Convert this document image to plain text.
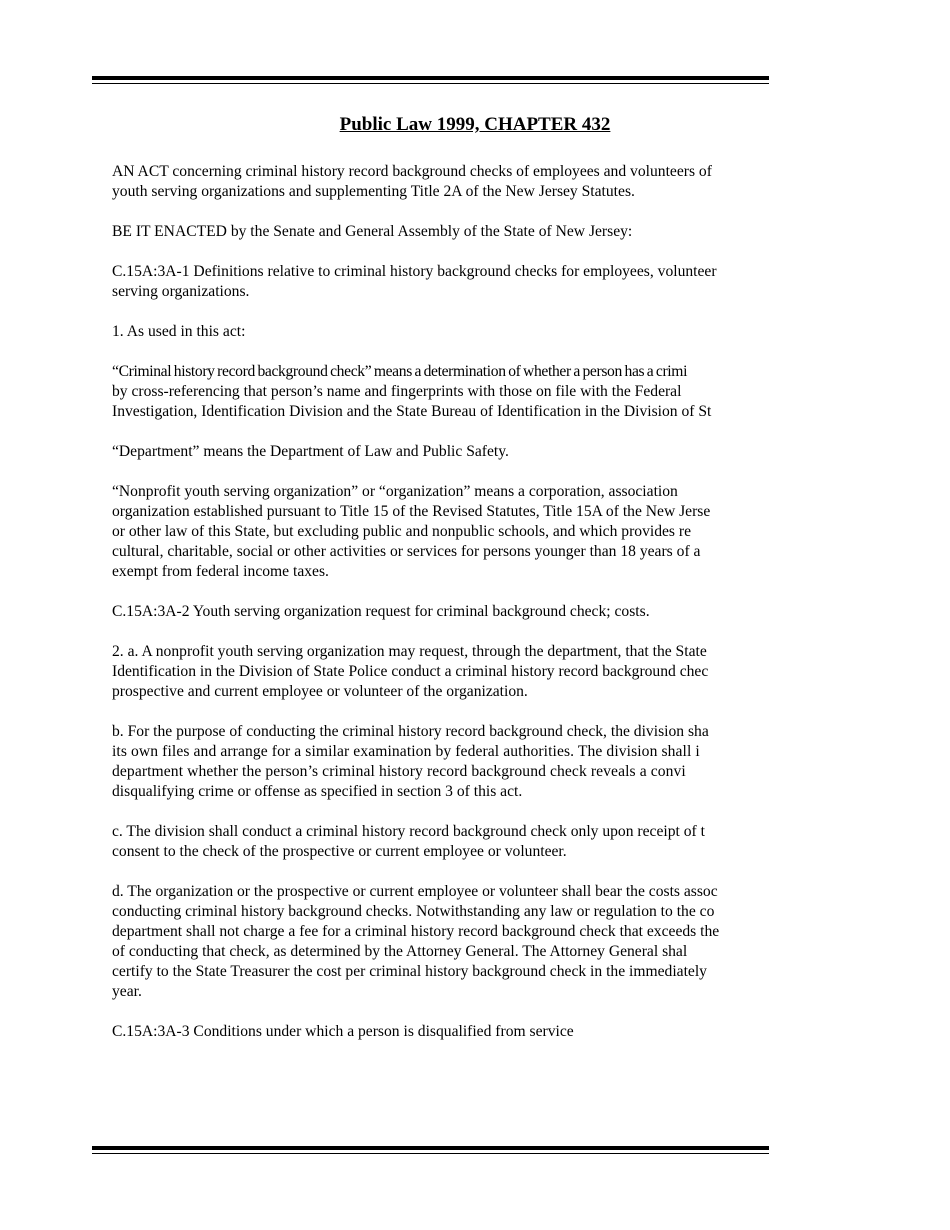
Public Law 1999, CHAPTER 432
AN ACT concerning criminal history record background checks of employees and volunteers of
youth serving organizations and supplementing Title 2A of the New Jersey Statutes.
BE IT ENACTED by the Senate and General Assembly of the State of New Jersey:
C.15A:3A-1 Definitions relative to criminal history background checks for employees, volunteer
serving organizations.
1. As used in this act:
“Criminal history record background check” means a determination of whether a person has a crimi
by cross-referencing that person’s name and fingerprints with those on file with the Federal
Investigation, Identification Division and the State Bureau of Identification in the Division of St
“Department” means the Department of Law and Public Safety.
“Nonprofit youth serving organization” or “organization” means a corporation, association
organization established pursuant to Title 15 of the Revised Statutes, Title 15A of the New Jerse
or other law of this State, but excluding public and nonpublic schools, and which provides re
cultural, charitable, social or other activities or services for persons younger than 18 years of a
exempt from federal income taxes.
C.15A:3A-2 Youth serving organization request for criminal background check; costs.
2. a. A nonprofit youth serving organization may request, through the department, that the State
Identification in the Division of State Police conduct a criminal history record background chec
prospective and current employee or volunteer of the organization.
b. For the purpose of conducting the criminal history record background check, the division sha
its own files and arrange for a similar examination by federal authorities. The division shall i
department whether the person’s criminal history record background check reveals a convi
disqualifying crime or offense as specified in section 3 of this act.
c. The division shall conduct a criminal history record background check only upon receipt of t
consent to the check of the prospective or current employee or volunteer.
d. The organization or the prospective or current employee or volunteer shall bear the costs assoc
conducting criminal history background checks. Notwithstanding any law or regulation to the co
department shall not charge a fee for a criminal history record background check that exceeds the
of conducting that check, as determined by the Attorney General. The Attorney General shal
certify to the State Treasurer the cost per criminal history background check in the immediately
year.
C.15A:3A-3 Conditions under which a person is disqualified from service
